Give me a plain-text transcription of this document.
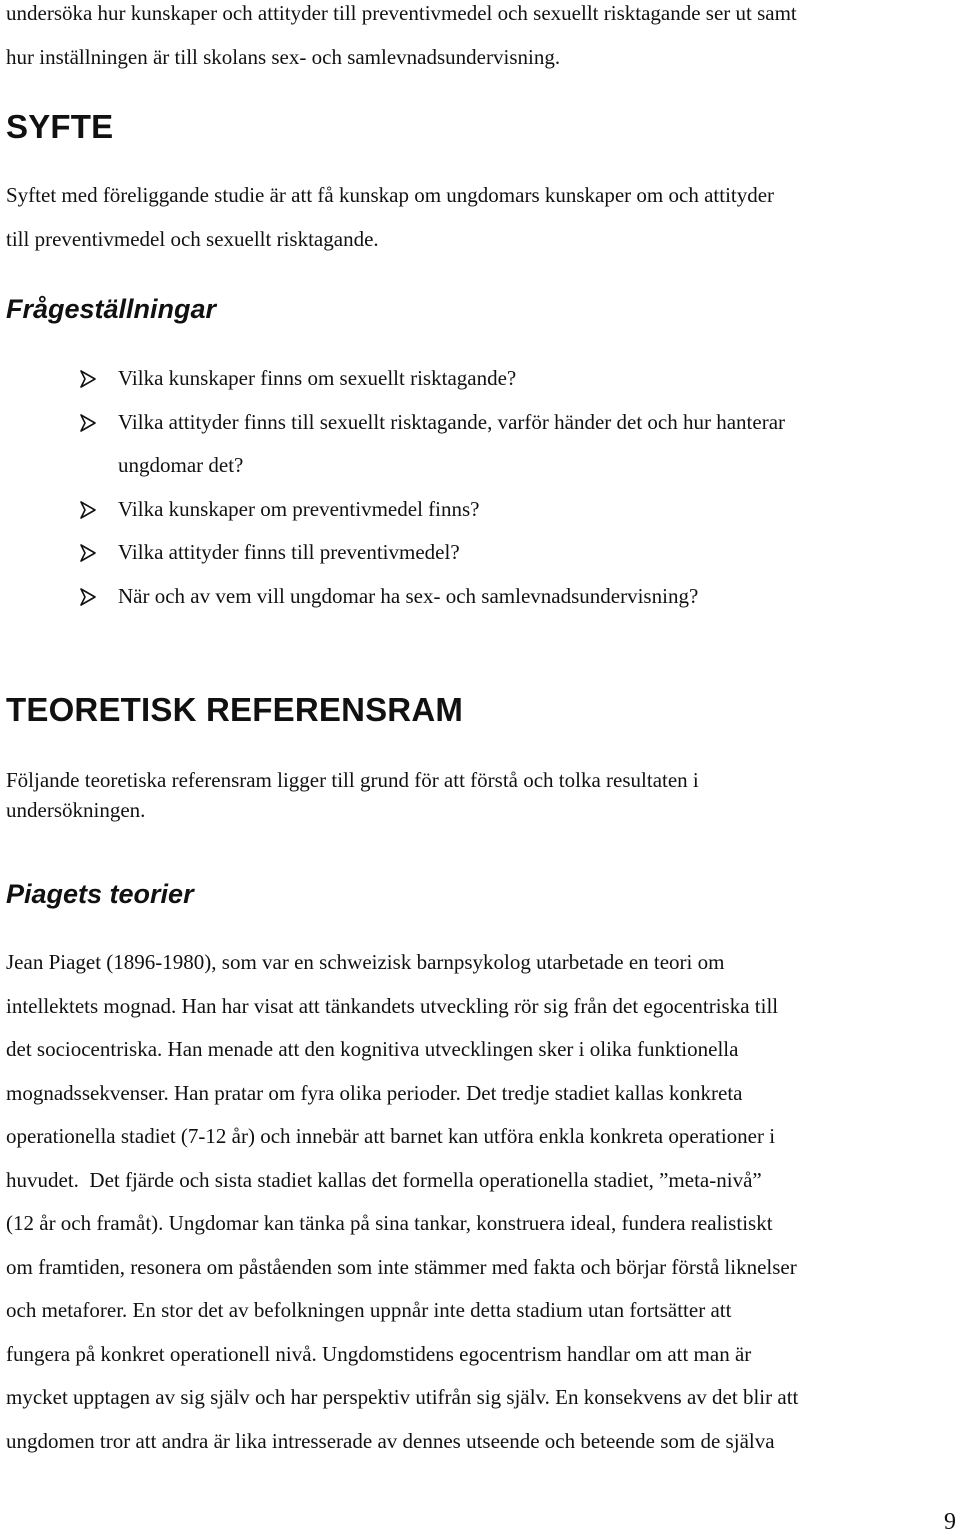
undersöka hur kunskaper och attityder till preventivmedel och sexuellt risktagande ser ut samt

hur inställningen är till skolans sex- och samlevnadsundervisning.

SYFTE

Syftet med föreliggande studie är att få kunskap om ungdomars kunskaper om och attityder

till preventivmedel och sexuellt risktagande.

Frågeställningar
Vilka kunskaper finns om sexuellt risktagande?
Vilka attityder finns till sexuellt risktagande, varför händer det och hur hanterar
ungdomar det?
Vilka kunskaper om preventivmedel finns?
Vilka attityder finns till preventivmedel?
När och av vem vill ungdomar ha sex- och samlevnadsundervisning?
TEORETISK REFERENSRAM

Följande teoretiska referensram ligger till grund för att förstå och tolka resultaten i

undersökningen.

Piagets teorier

Jean Piaget (1896-1980), som var en schweizisk barnpsykolog utarbetade en teori om

intellektets mognad. Han har visat att tänkandets utveckling rör sig från det egocentriska till

det sociocentriska. Han menade att den kognitiva utvecklingen sker i olika funktionella

mognadssekvenser. Han pratar om fyra olika perioder. Det tredje stadiet kallas konkreta

operationella stadiet (7-12 år) och innebär att barnet kan utföra enkla konkreta operationer i

huvudet.  Det fjärde och sista stadiet kallas det formella operationella stadiet, ”meta-nivå”

(12 år och framåt). Ungdomar kan tänka på sina tankar, konstruera ideal, fundera realistiskt

om framtiden, resonera om påståenden som inte stämmer med fakta och börjar förstå liknelser

och metaforer. En stor det av befolkningen uppnår inte detta stadium utan fortsätter att

fungera på konkret operationell nivå. Ungdomstidens egocentrism handlar om att man är

mycket upptagen av sig själv och har perspektiv utifrån sig själv. En konsekvens av det blir att

ungdomen tror att andra är lika intresserade av dennes utseende och beteende som de själva

9
